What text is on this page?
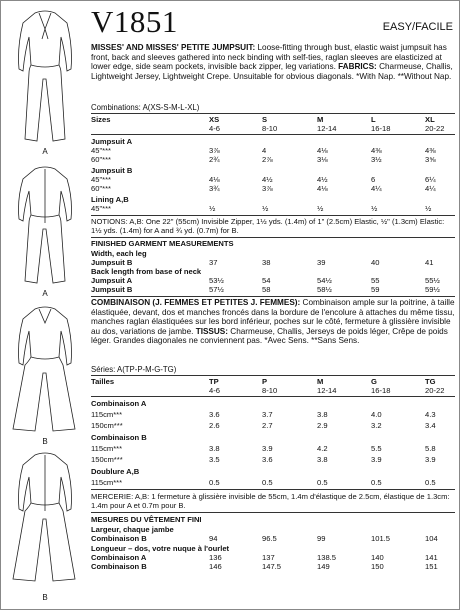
A
A
B
B
V1851	EASY/FACILE
MISSES' AND MISSES' PETITE JUMPSUIT: Loose-fitting through bust, elastic waist jumpsuit has front, back and sleeves gathered into neck binding with self-ties, raglan sleeves are elasticized at lower edge, side seam pockets, invisible back zipper, leg variations. FABRICS: Charmeuse, Challis, Lightweight Jersey, Lightweight Crepe. Unsuitable for obvious diagonals. *With Nap. **Without Nap.
Combinations: A(XS-S-M-L-XL)
Sizes	XS	S	M	L	XL
4-6	8-10	12-14	16-18	20-22
Jumpsuit A
45"***	3⅞	4	4⅛	4⅜	4⅜
60"***	2¾	2⅞	3⅛	3½	3⅝
Jumpsuit B
45"***	4⅛	4½	4½	6	6¼
60"***	3¾	3⅞	4⅛	4¼	4¼
Lining A,B
45"***	½	½	½	½	½
NOTIONS: A,B: One 22" (55cm) Invisible Zipper, 1½ yds. (1.4m) of 1" (2.5cm) Elastic, ½" (1.3cm) Elastic: 1½ yds. (1.4m) for A and ¾ yd. (0.7m) for B.
FINISHED GARMENT MEASUREMENTS
Width, each leg
Jumpsuit B	37	38	39	40	41
Back length from base of neck
Jumpsuit A	53½	54	54½	55	55½
Jumpsuit B	57½	58	58½	59	59½
COMBINAISON (J. FEMMES ET PETITES J. FEMMES): Combinaison ample sur la poitrine, à taille élastiquée, devant, dos et manches froncés dans la bordure de l'encolure à attaches du même tissu, manches raglan élastiquées sur les bord inférieur, poches sur le côté, fermeture à glissière invisible au dos, variations de jambe. TISSUS: Charmeuse, Challis, Jerseys de poids léger, Crêpe de poids léger. Grandes diagonales ne conviennent pas. *Avec Sens. **Sans Sens.
Séries: A(TP-P-M-G-TG)
Tailles	TP	P	M	G	TG
4-6	8-10	12-14	16-18	20-22
Combinaison A
115cm***	3.6	3.7	3.8	4.0	4.3
150cm***	2.6	2.7	2.9	3.2	3.4
Combinaison B
115cm***	3.8	3.9	4.2	5.5	5.8
150cm***	3.5	3.6	3.8	3.9	3.9
Doublure A,B
115cm***	0.5	0.5	0.5	0.5	0.5
MERCERIE: A,B: 1 fermeture à glissière invisible de 55cm, 1.4m d'élastique de 2.5cm, élastique de 1.3cm: 1.4m pour A et 0.7m pour B.
MESURES DU VÊTEMENT FINI
Largeur, chaque jambe
Combinaison B	94	96.5	99	101.5	104
Longueur – dos, votre nuque à l'ourlet
Combinaison A	136	137	138.5	140	141
Combinaison B	146	147.5	149	150	151
